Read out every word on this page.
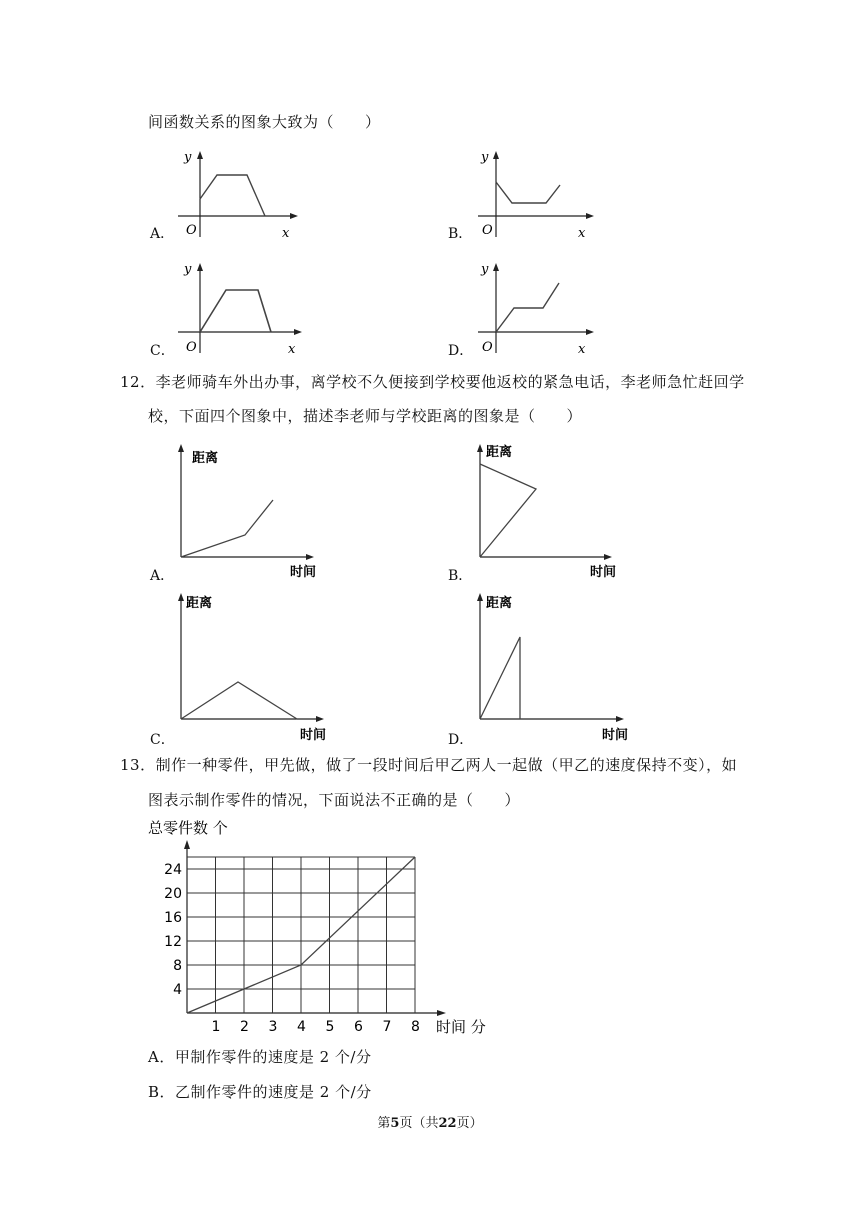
间函数关系的图象大致为（　　）
A．
y
O	x	B．
y
O	x
C．
y
O	x	D．
y
O	x
12．李老师骑车外出办事，离学校不久便接到学校要他返校的紧急电话，李老师急忙赶回学
校，下面四个图象中，描述李老师与学校距离的图象是（　　）
A．
距离
时间	B．
距离
时间
C．
距离
时间	D．
距离
时间
13．制作一种零件，甲先做，做了一段时间后甲乙两人一起做（甲乙的速度保持不变），如
图表示制作零件的情况，下面说法不正确的是（　　）
总零件数 个
时间 分
1 2 3 4 5 6 7 8
4
8
12
16
20
24
A．甲制作零件的速度是 2 个/分
B．乙制作零件的速度是 2 个/分
第5页（共22页）
